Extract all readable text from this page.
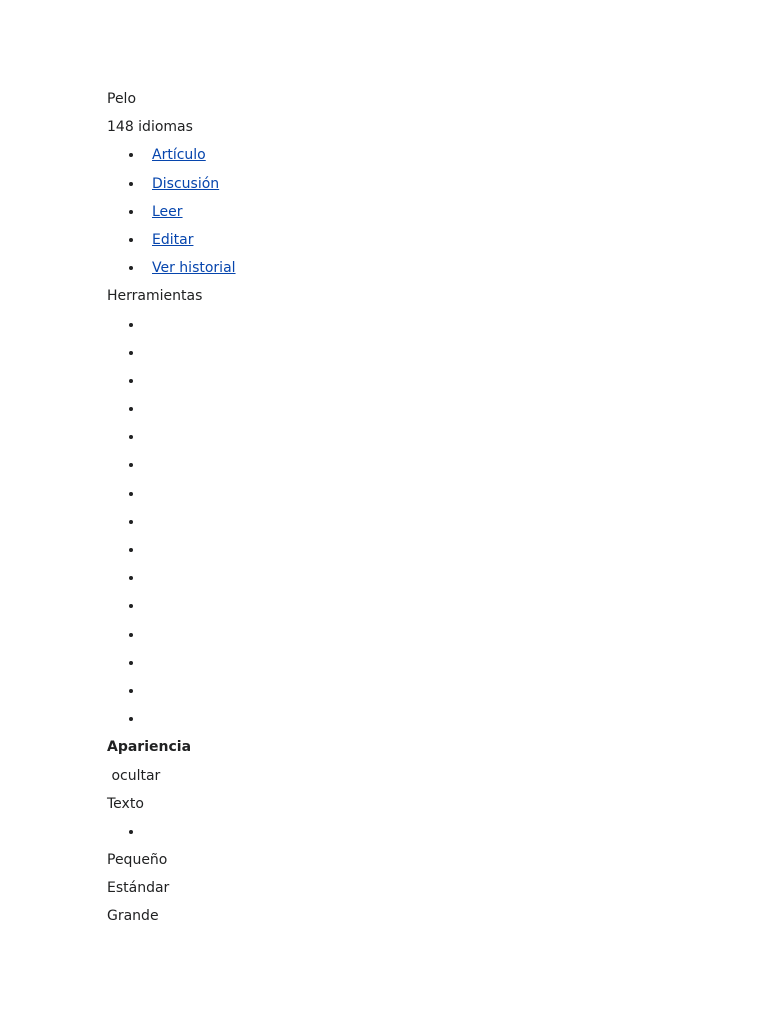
Pelo
148 idiomas
Artículo
Discusión
Leer
Editar
Ver historial
Herramientas
Apariencia
ocultar
Texto
Pequeño
Estándar
Grande
